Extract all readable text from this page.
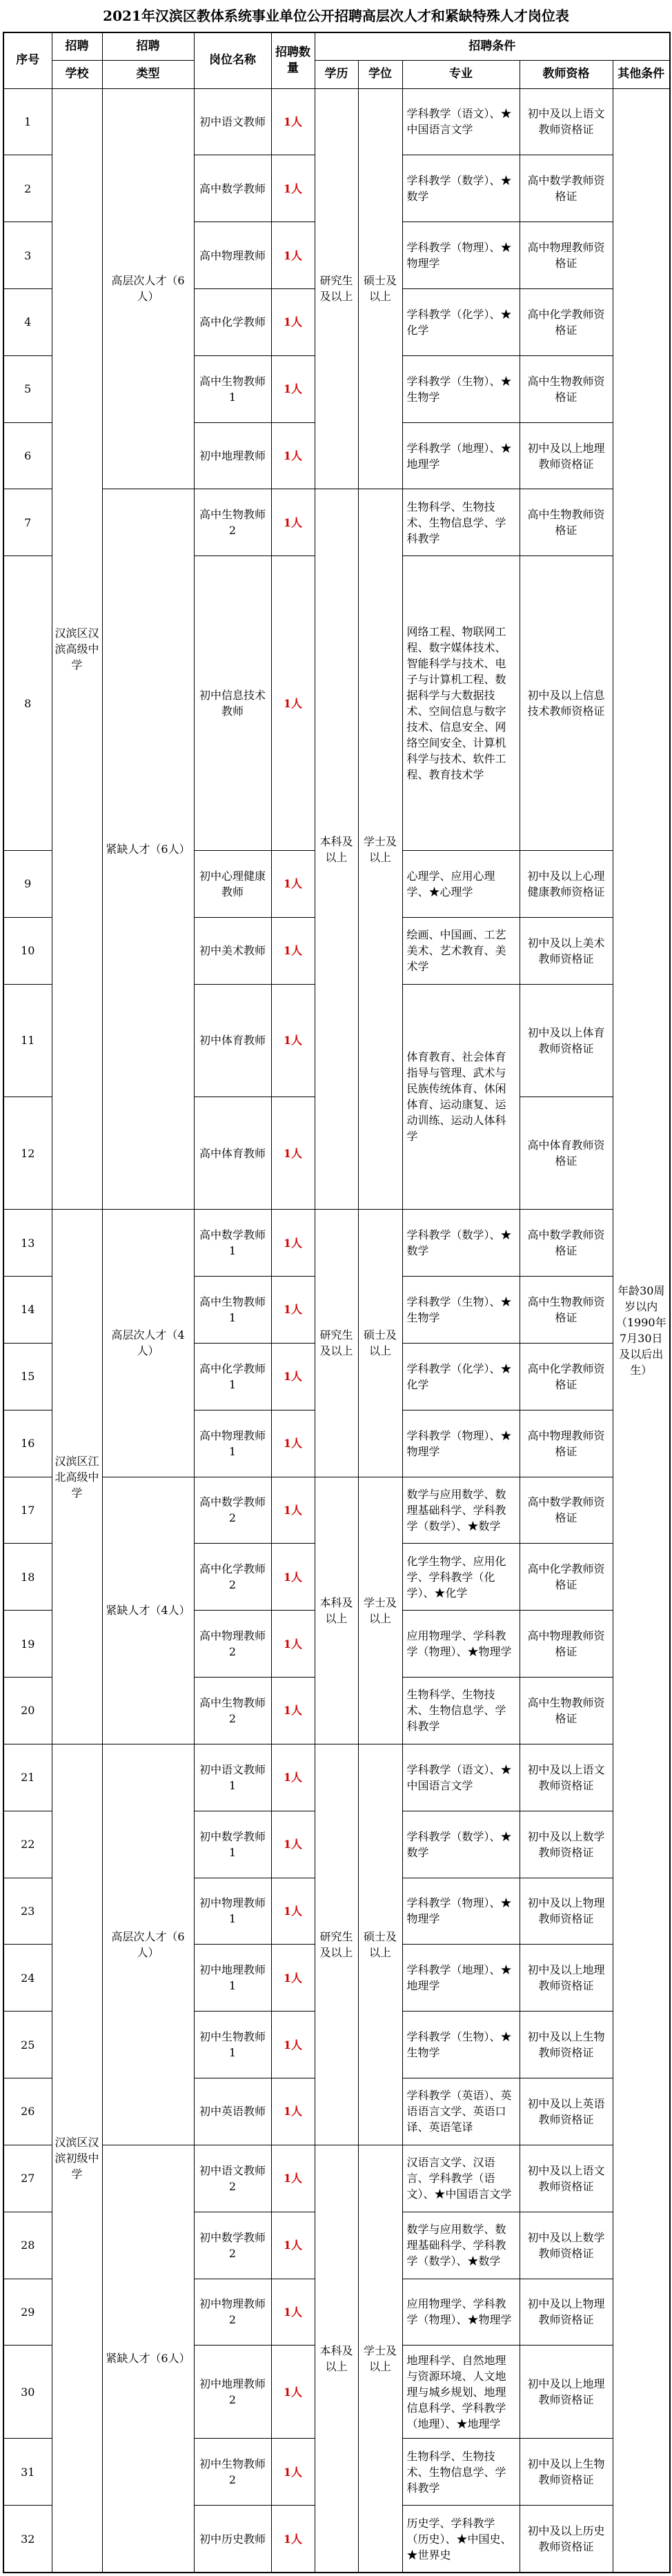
2021年汉滨区教体系统事业单位公开招聘高层次人才和紧缺特殊人才岗位表
序号	招聘	招聘	岗位名称	招聘数量	招聘条件				
	学校	类型			学历	学位	专业	教师资格	其他条件
1	汉滨区汉滨高级中学	高层次人才（6人）	初中语文教师	1人	研究生及以上	硕士及以上	学科教学（语文）、★中国语言文学	初中及以上语文教师资格证	年龄30周岁以内（1990年7月30日及以后出生）
2			高中数学教师	1人			学科教学（数学）、★数学	高中数学教师资格证	
3			高中物理教师	1人			学科教学（物理）、★物理学	高中物理教师资格证	
4			高中化学教师	1人			学科教学（化学）、★化学	高中化学教师资格证	
5			高中生物教师1	1人			学科教学（生物）、★生物学	高中生物教师资格证	
6			初中地理教师	1人			学科教学（地理）、★地理学	初中及以上地理教师资格证	
7		紧缺人才（6人）	高中生物教师2	1人	本科及以上	学士及以上	生物科学、生物技术、生物信息学、学科教学	高中生物教师资格证	
8			初中信息技术教师	1人			网络工程、物联网工程、数字媒体技术、智能科学与技术、电子与计算机工程、数据科学与大数据技术、空间信息与数字技术、信息安全、网络空间安全、计算机科学与技术、软件工程、教育技术学	初中及以上信息技术教师资格证	
9			初中心理健康教师	1人			心理学、应用心理学、★心理学	初中及以上心理健康教师资格证	
10			初中美术教师	1人			绘画、中国画、工艺美术、艺术教育、美术学	初中及以上美术教师资格证	
11			初中体育教师	1人			体育教育、社会体育指导与管理、武术与民族传统体育、休闲体育、运动康复、运动训练、运动人体科学	初中及以上体育教师资格证	
12			高中体育教师	1人				高中体育教师资格证	
13	汉滨区江北高级中学	高层次人才（4人）	高中数学教师1	1人	研究生及以上	硕士及以上	学科教学（数学）、★数学	高中数学教师资格证	
14			高中生物教师1	1人			学科教学（生物）、★生物学	高中生物教师资格证	
15			高中化学教师1	1人			学科教学（化学）、★化学	高中化学教师资格证	
16			高中物理教师1	1人			学科教学（物理）、★物理学	高中物理教师资格证	
17		紧缺人才（4人）	高中数学教师2	1人	本科及以上	学士及以上	数学与应用数学、数理基础科学、学科教学（数学）、★数学	高中数学教师资格证	
18			高中化学教师2	1人			化学生物学、应用化学、学科教学（化学）、★化学	高中化学教师资格证	
19			高中物理教师2	1人			应用物理学、学科教学（物理）、★物理学	高中物理教师资格证	
20			高中生物教师2	1人			生物科学、生物技术、生物信息学、学科教学	高中生物教师资格证	
21	汉滨区汉滨初级中学	高层次人才（6人）	初中语文教师1	1人	研究生及以上	硕士及以上	学科教学（语文）、★中国语言文学	初中及以上语文教师资格证	
22			初中数学教师1	1人			学科教学（数学）、★数学	初中及以上数学教师资格证	
23			初中物理教师1	1人			学科教学（物理）、★物理学	初中及以上物理教师资格证	
24			初中地理教师1	1人			学科教学（地理）、★地理学	初中及以上地理教师资格证	
25			初中生物教师1	1人			学科教学（生物）、★生物学	初中及以上生物教师资格证	
26			初中英语教师	1人			学科教学（英语）、英语语言文学、英语口译、英语笔译	初中及以上英语教师资格证	
27		紧缺人才（6人）	初中语文教师2	1人	本科及以上	学士及以上	汉语言文学、汉语言、学科教学（语文）、★中国语言文学	初中及以上语文教师资格证	
28			初中数学教师2	1人			数学与应用数学、数理基础科学、学科教学（数学）、★数学	初中及以上数学教师资格证	
29			初中物理教师2	1人			应用物理学、学科教学（物理）、★物理学	初中及以上物理教师资格证	
30			初中地理教师2	1人			地理科学、自然地理与资源环境、人文地理与城乡规划、地理信息科学、学科教学（地理）、★地理学	初中及以上地理教师资格证	
31			初中生物教师2	1人			生物科学、生物技术、生物信息学、学科教学	初中及以上生物教师资格证	
32			初中历史教师	1人			历史学、学科教学（历史）、★中国史、★世界史	初中及以上历史教师资格证	
